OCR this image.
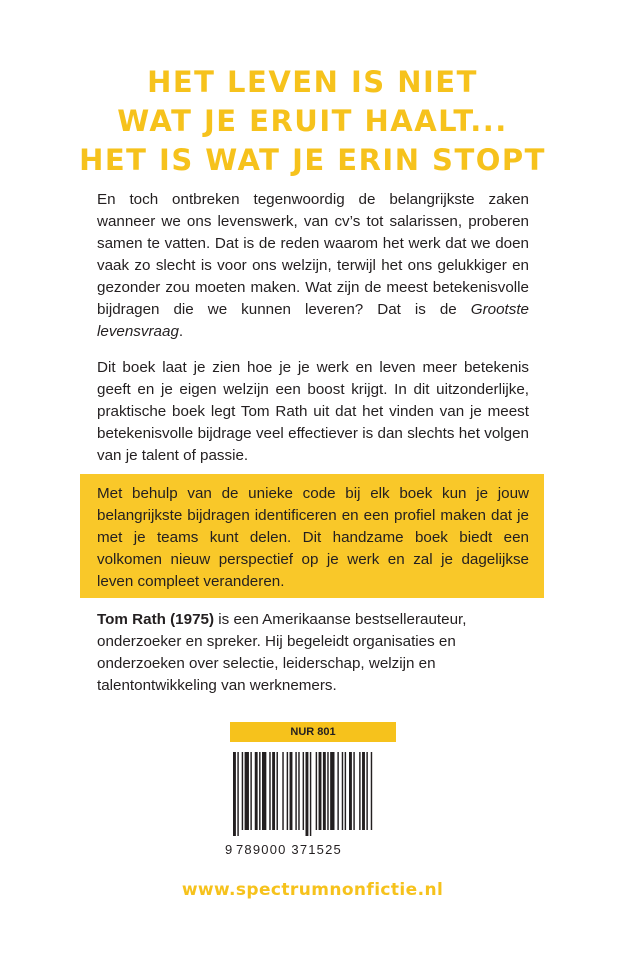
HET LEVEN IS NIET
WAT JE ERUIT HAALT...
HET IS WAT JE ERIN STOPT

En toch ontbreken tegenwoordig de belangrijkste zaken wanneer we ons levenswerk, van cv’s tot salarissen, proberen samen te vatten. Dat is de reden waarom het werk dat we doen vaak zo slecht is voor ons welzijn, terwijl het ons gelukkiger en gezonder zou moeten maken. Wat zijn de meest betekenisvolle bijdragen die we kunnen leveren? Dat is de Grootste levensvraag.

Dit boek laat je zien hoe je je werk en leven meer betekenis geeft en je eigen welzijn een boost krijgt. In dit uitzonderlijke, praktische boek legt Tom Rath uit dat het vinden van je meest betekenisvolle bijdrage veel effectiever is dan slechts het volgen van je talent of passie.

Met behulp van de unieke code bij elk boek kun je jouw belangrijkste bijdragen identificeren en een profiel maken dat je met je teams kunt delen. Dit handzame boek biedt een volkomen nieuw perspectief op je werk en zal je dagelijkse leven compleet veranderen.

Tom Rath (1975) is een Amerikaanse bestsellerauteur, onderzoeker en spreker. Hij begeleidt organisaties en onderzoeken over selectie, leiderschap, welzijn en talentontwikkeling van werknemers.

NUR 801
9 789000 371525
www.spectrumnonfictie.nl
